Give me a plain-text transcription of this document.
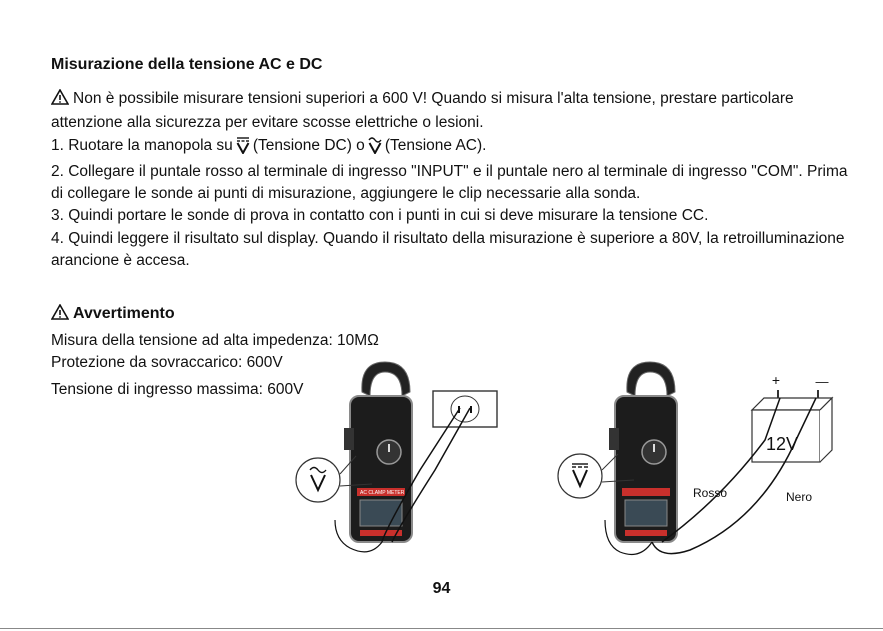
Misurazione della tensione AC e DC
Non è possibile misurare tensioni superiori a 600 V! Quando si misura l'alta tensione, prestare particolare attenzione alla sicurezza per evitare scosse elettriche o lesioni.
1. Ruotare la manopola su (Tensione DC) o (Tensione AC).
2. Collegare il puntale rosso al terminale di ingresso "INPUT" e il puntale nero al terminale di ingresso "COM". Prima di collegare le sonde ai punti di misurazione, aggiungere le clip necessarie alla sonda.
3. Quindi portare le sonde di prova in contatto con i punti in cui si deve misurare la tensione CC.
4. Quindi leggere il risultato sul display. Quando il risultato della misurazione è superiore a 80V, la retroilluminazione arancione è accesa.
Avvertimento
Misura della tensione ad alta impedenza: 10MΩ
Protezione da sovraccarico: 600V
Tensione di ingresso massima: 600V
AC CLAMP METER
+	—
12V
Rosso	Nero
94
